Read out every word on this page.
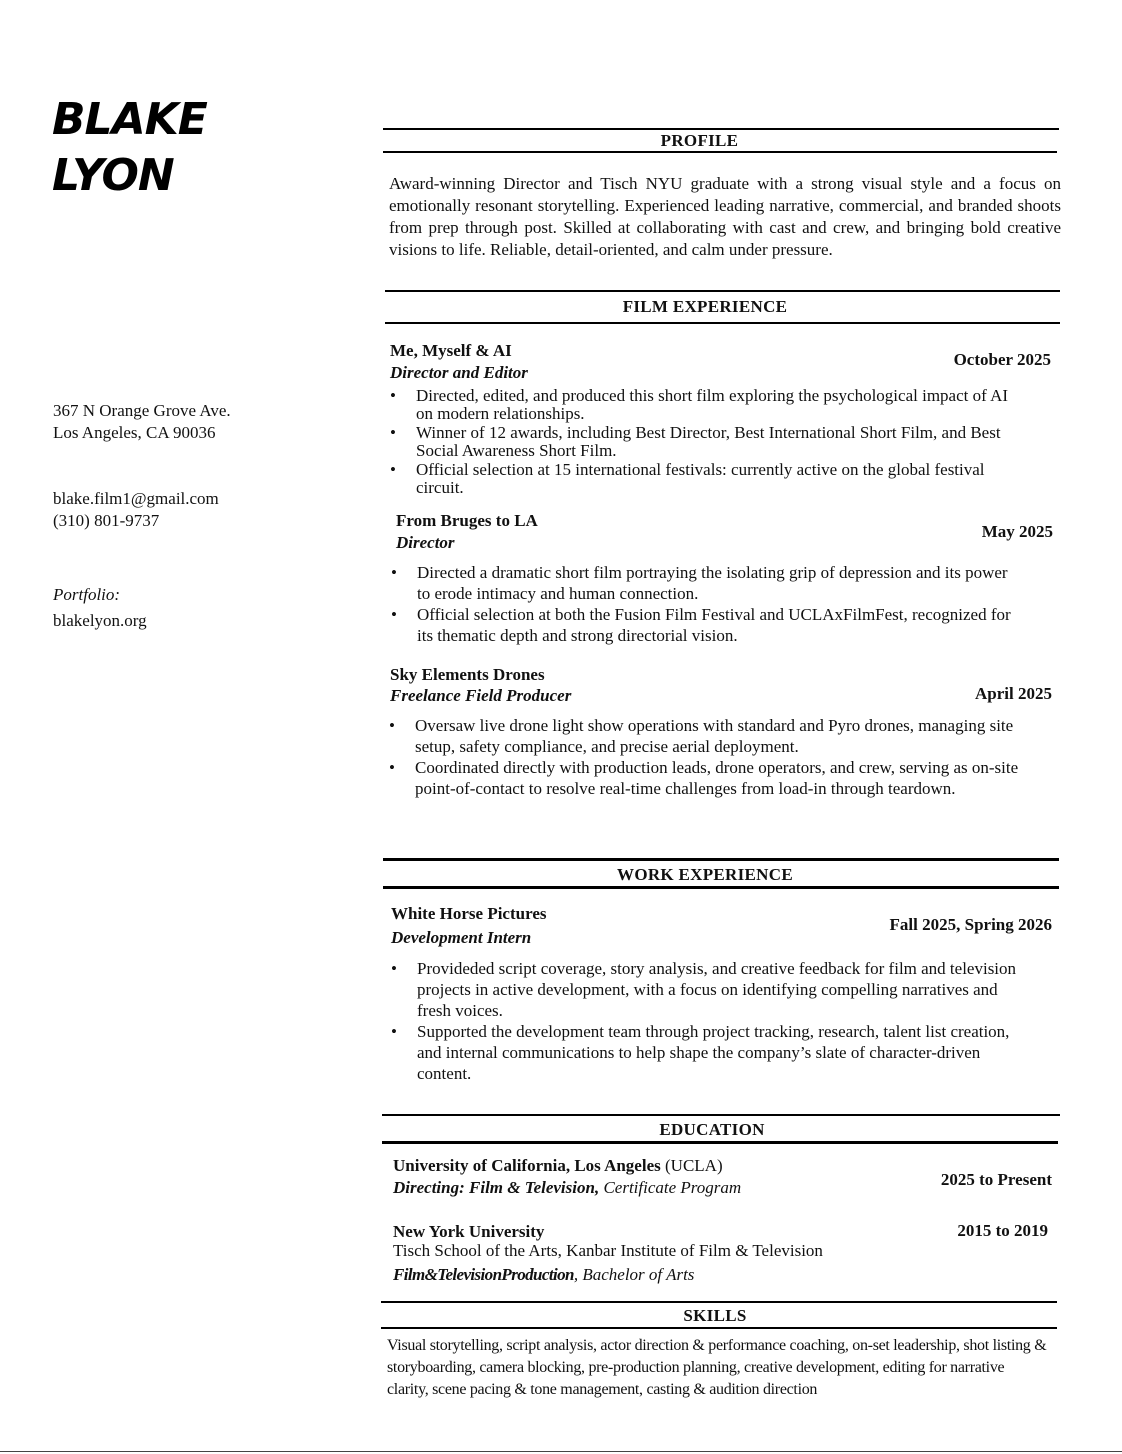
BLAKE
LYON
367 N Orange Grove Ave.
Los Angeles, CA 90036
blake.film1@gmail.com
(310) 801-9737
Portfolio:
blakelyon.org
PROFILE
Award-winning Director and Tisch NYU graduate with a strong visual style and a focus on emotionally resonant storytelling. Experienced leading narrative, commercial, and branded shoots from prep through post. Skilled at collaborating with cast and crew, and bringing bold creative visions to life. Reliable, detail-oriented, and calm under pressure.
FILM EXPERIENCE
Me, Myself & AI
Director and Editor
October 2025
• Directed, edited, and produced this short film exploring the psychological impact of AI on modern relationships.
• Winner of 12 awards, including Best Director, Best International Short Film, and Best Social Awareness Short Film.
• Official selection at 15 international festivals: currently active on the global festival circuit.
From Bruges to LA
Director
May 2025
• Directed a dramatic short film portraying the isolating grip of depression and its power to erode intimacy and human connection.
• Official selection at both the Fusion Film Festival and UCLAxFilmFest, recognized for its thematic depth and strong directorial vision.
Sky Elements Drones
Freelance Field Producer	April 2025
• Oversaw live drone light show operations with standard and Pyro drones, managing site setup, safety compliance, and precise aerial deployment.
• Coordinated directly with production leads, drone operators, and crew, serving as on-site point-of-contact to resolve real-time challenges from load-in through teardown.
WORK EXPERIENCE
White Horse Pictures
Development Intern
Fall 2025, Spring 2026
• Provideded script coverage, story analysis, and creative feedback for film and television projects in active development, with a focus on identifying compelling narratives and fresh voices.
• Supported the development team through project tracking, research, talent list creation, and internal communications to help shape the company’s slate of character-driven content.
EDUCATION
University of California, Los Angeles (UCLA)
Directing: Film & Television, Certificate Program	2025 to Present
New York University
Tisch School of the Arts, Kanbar Institute of Film & Television
2015 to 2019
Film&TelevisionProduction, Bachelor of Arts
SKILLS
Visual storytelling, script analysis, actor direction & performance coaching, on-set leadership, shot listing & storyboarding, camera blocking, pre-production planning, creative development, editing for narrative clarity, scene pacing & tone management, casting & audition direction
